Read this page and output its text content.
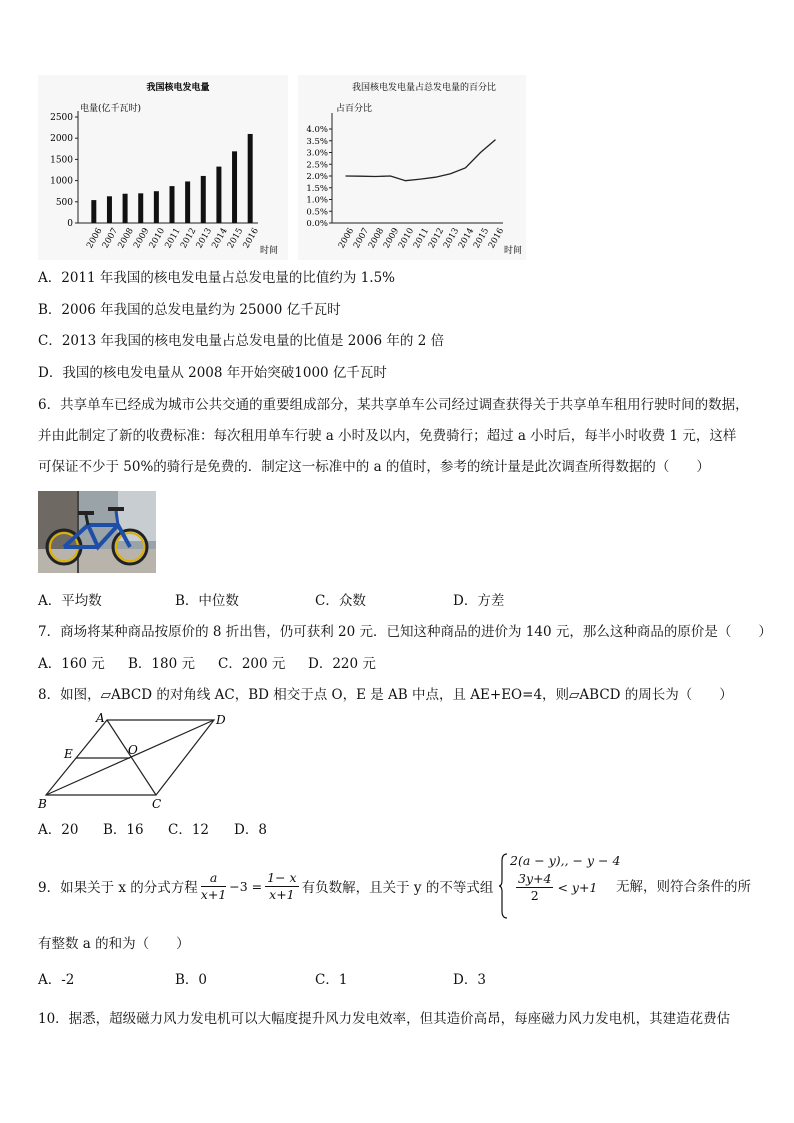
我国核电发电量
电量(亿千瓦时)
时间
0
500
1000
1500
2000
2500
2006
2007
2008
2009
2010
2011
2012
2013
2014
2015
2016
我国核电发电量占总发电量的百分比
占百分比
时间
0.0%
0.5%
1.0%
1.5%
2.0%
2.5%
3.0%
3.5%
4.0%
2006
2007
2008
2009
2010
2011
2012
2013
2014
2015
2016
A．2011 年我国的核电发电量占总发电量的比值约为 1.5%
B．2006 年我国的总发电量约为 25000 亿千瓦时
C．2013 年我国的核电发电量占总发电量的比值是 2006 年的 2 倍
D．我国的核电发电量从 2008 年开始突破1000 亿千瓦时
6．共享单车已经成为城市公共交通的重要组成部分，某共享单车公司经过调查获得关于共享单车租用行驶时间的数据，
并由此制定了新的收费标准：每次租用单车行驶 a 小时及以内，免费骑行；超过 a 小时后，每半小时收费 1 元，这样
可保证不少于 50%的骑行是免费的．制定这一标准中的 a 的值时，参考的统计量是此次调查所得数据的（　　）
A．平均数	B．中位数	C．众数	D．方差
7．商场将某种商品按原价的 8 折出售，仍可获利 20 元．已知这种商品的进价为 140 元，那么这种商品的原价是（　　）
A．160 元 B．180 元 C．200 元 D．220 元
8．如图，▱ABCD 的对角线 AC，BD 相交于点 O，E 是 AB 中点，且 AE+EO=4，则▱ABCD 的周长为（　　）
A	D
E	O
B	C
A．20 B．16 C．12 D．8
9．如果关于 x 的分式方程 $\frac{a}{x+1} -3 = \frac{1- x}{x+1}$ 有负数解，且关于 y 的不等式组
2(a − y),, − y − 4
$\frac{3y+4}{2} < y+1$ 无解，则符合条件的所
有整数 a 的和为（　　）
A．-2	B．0	C．1	D．3
10．据悉，超级磁力风力发电机可以大幅度提升风力发电效率，但其造价高昂，每座磁力风力发电机，其建造花费估
